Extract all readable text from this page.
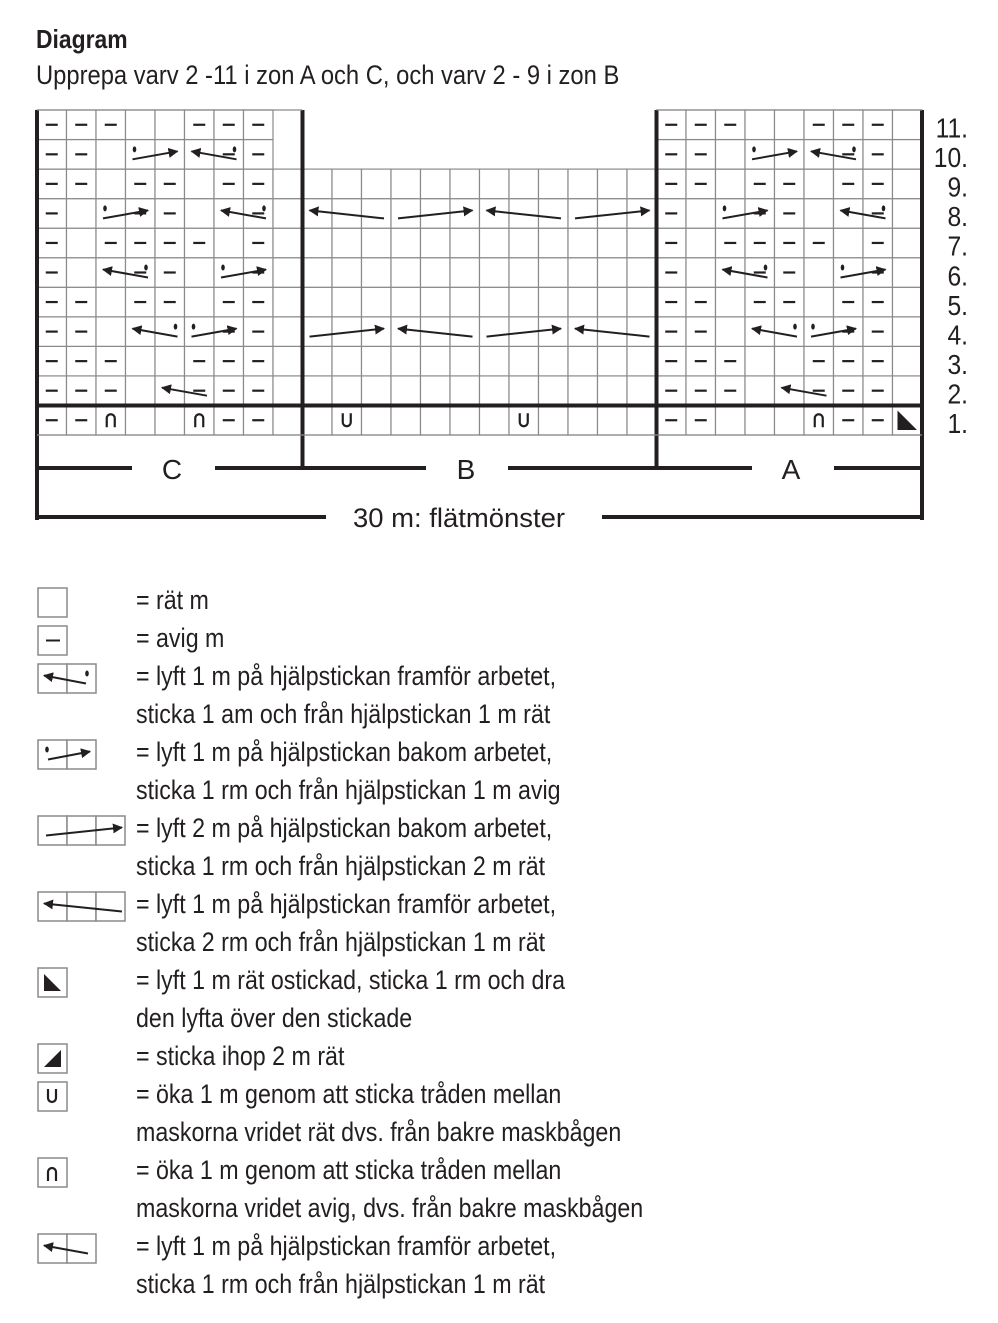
Diagram
Upprepa varv 2 -11 i zon A och C, och varv 2 - 9 i zon B
1.
2.
3.
4.
5.
6.
7.
8.
9.
10.
11.
C	B	A
30 m: flätmönster
= rät m
= avig m
= lyft 1 m på hjälpstickan framför arbetet,
sticka 1 am och från hjälpstickan 1 m rät
= lyft 1 m på hjälpstickan bakom arbetet,
sticka 1 rm och från hjälpstickan 1 m avig
= lyft 2 m på hjälpstickan bakom arbetet,
sticka 1 rm och från hjälpstickan 2 m rät
= lyft 1 m på hjälpstickan framför arbetet,
sticka 2 rm och från hjälpstickan 1 m rät
= lyft 1 m rät ostickad, sticka 1 rm och dra
den lyfta över den stickade
= sticka ihop 2 m rät
= öka 1 m genom att sticka tråden mellan
maskorna vridet rät dvs. från bakre maskbågen
= öka 1 m genom att sticka tråden mellan
maskorna vridet avig, dvs. från bakre maskbågen
= lyft 1 m på hjälpstickan framför arbetet,
sticka 1 rm och från hjälpstickan 1 m rät
